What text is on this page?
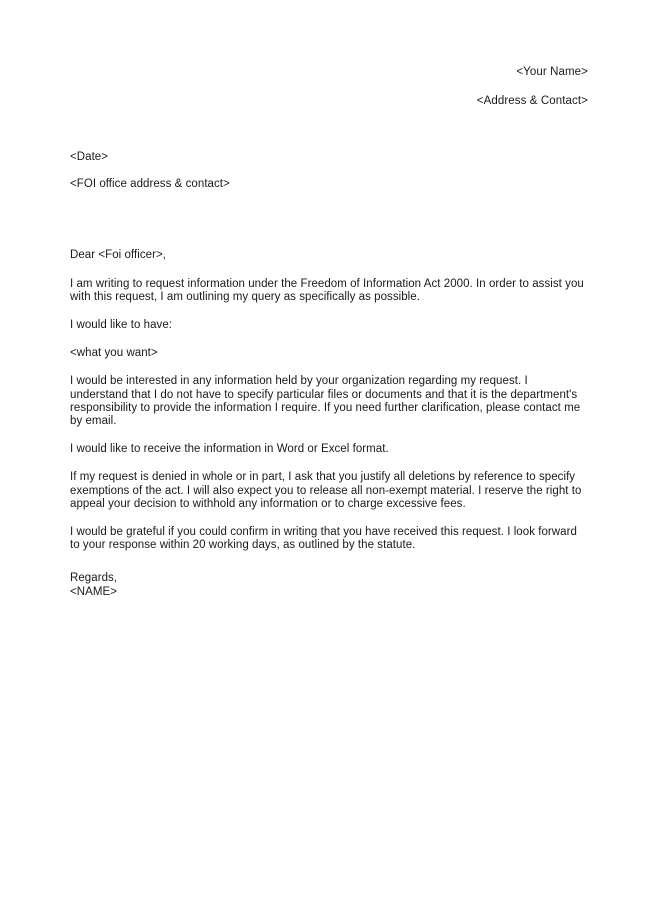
<Your Name>
<Address & Contact>
<Date>
<FOI office address & contact>
Dear <Foi officer>,
I am writing to request information under the Freedom of Information Act 2000. In order to assist you with this request, I am outlining my query as specifically as possible.
I would like to have:
<what you want>
I would be interested in any information held by your organization regarding my request. I understand that I do not have to specify particular files or documents and that it is the department's responsibility to provide the information I require. If you need further clarification, please contact me by email.
I would like to receive the information in Word or Excel format.
If my request is denied in whole or in part, I ask that you justify all deletions by reference to specify exemptions of the act. I will also expect you to release all non-exempt material. I reserve the right to appeal your decision to withhold any information or to charge excessive fees.
I would be grateful if you could confirm in writing that you have received this request. I look forward to your response within 20 working days, as outlined by the statute.
Regards,
<NAME>
